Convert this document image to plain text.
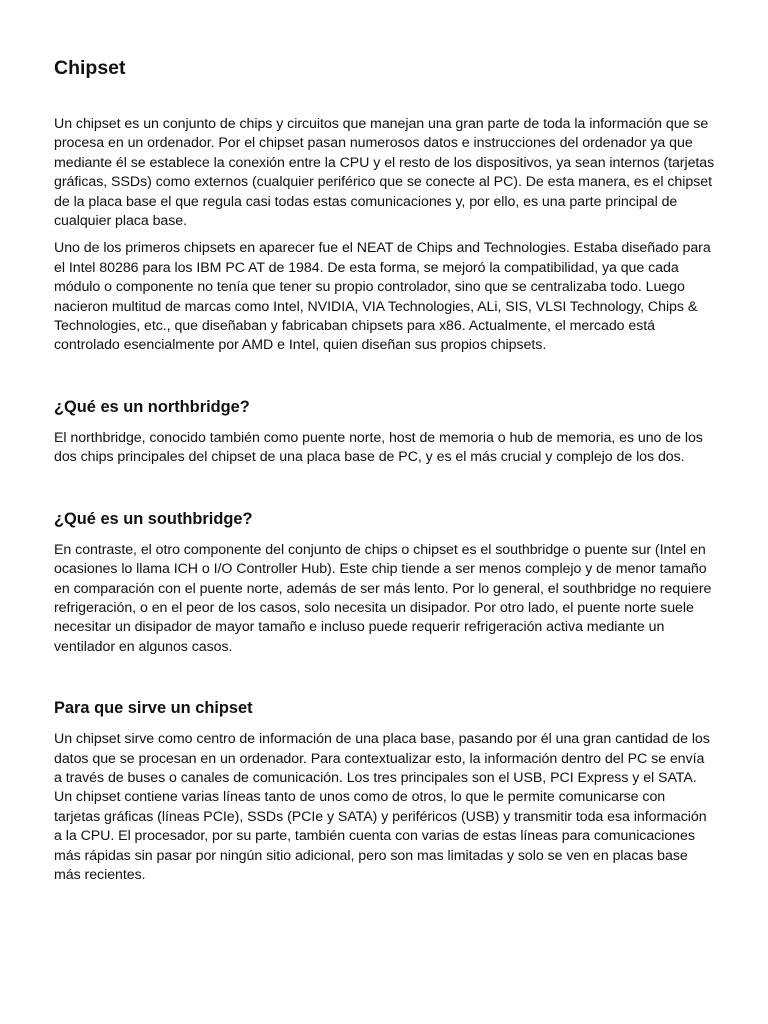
Chipset

Un chipset es un conjunto de chips y circuitos que manejan una gran parte de toda la información que se procesa en un ordenador. Por el chipset pasan numerosos datos e instrucciones del ordenador ya que mediante él se establece la conexión entre la CPU y el resto de los dispositivos, ya sean internos (tarjetas gráficas, SSDs) como externos (cualquier periférico que se conecte al PC). De esta manera, es el chipset de la placa base el que regula casi todas estas comunicaciones y, por ello, es una parte principal de cualquier placa base.

Uno de los primeros chipsets en aparecer fue el NEAT de Chips and Technologies. Estaba diseñado para el Intel 80286 para los IBM PC AT de 1984. De esta forma, se mejoró la compatibilidad, ya que cada módulo o componente no tenía que tener su propio controlador, sino que se centralizaba todo. Luego nacieron multitud de marcas como Intel, NVIDIA, VIA Technologies, ALi, SIS, VLSI Technology, Chips & Technologies, etc., que diseñaban y fabricaban chipsets para x86. Actualmente, el mercado está controlado esencialmente por AMD e Intel, quien diseñan sus propios chipsets.

¿Qué es un northbridge?

El northbridge, conocido también como puente norte, host de memoria o hub de memoria, es uno de los dos chips principales del chipset de una placa base de PC, y es el más crucial y complejo de los dos.

¿Qué es un southbridge?

En contraste, el otro componente del conjunto de chips o chipset es el southbridge o puente sur (Intel en ocasiones lo llama ICH o I/O Controller Hub). Este chip tiende a ser menos complejo y de menor tamaño en comparación con el puente norte, además de ser más lento. Por lo general, el southbridge no requiere refrigeración, o en el peor de los casos, solo necesita un disipador. Por otro lado, el puente norte suele necesitar un disipador de mayor tamaño e incluso puede requerir refrigeración activa mediante un ventilador en algunos casos.

Para que sirve un chipset

Un chipset sirve como centro de información de una placa base, pasando por él una gran cantidad de los datos que se procesan en un ordenador. Para contextualizar esto, la información dentro del PC se envía a través de buses o canales de comunicación. Los tres principales son el USB, PCI Express y el SATA. Un chipset contiene varias líneas tanto de unos como de otros, lo que le permite comunicarse con tarjetas gráficas (líneas PCIe), SSDs (PCIe y SATA) y periféricos (USB) y transmitir toda esa información a la CPU. El procesador, por su parte, también cuenta con varias de estas líneas para comunicaciones más rápidas sin pasar por ningún sitio adicional, pero son mas limitadas y solo se ven en placas base más recientes.
